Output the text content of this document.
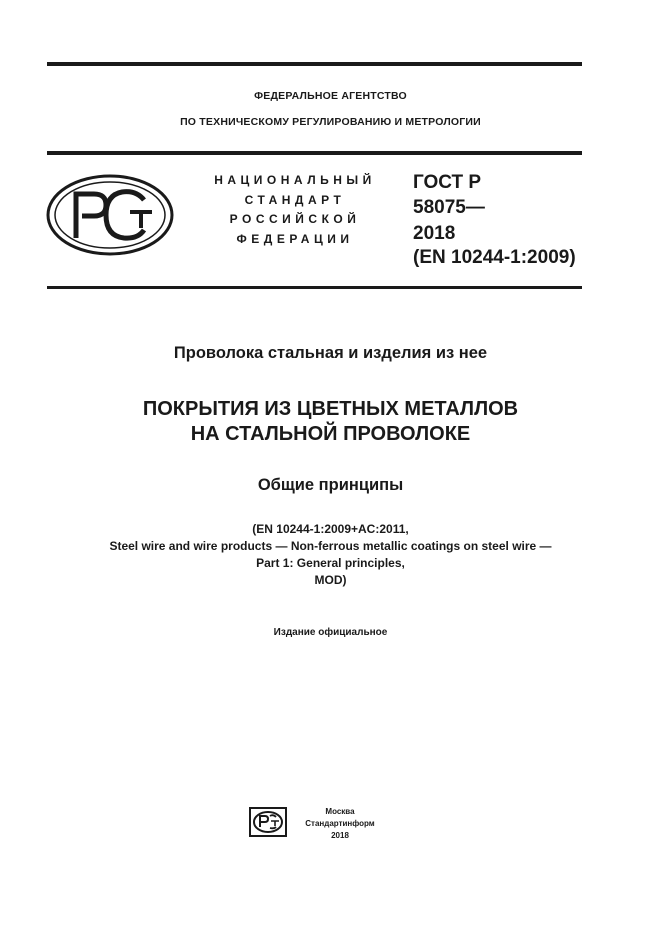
ФЕДЕРАЛЬНОЕ АГЕНТСТВО
ПО ТЕХНИЧЕСКОМУ РЕГУЛИРОВАНИЮ И МЕТРОЛОГИИ
НАЦИОНАЛЬНЫЙ
СТАНДАРТ
РОССИЙСКОЙ
ФЕДЕРАЦИИ
ГОСТ Р
58075—
2018
(EN 10244-1:2009)
Проволока стальная и изделия из нее
ПОКРЫТИЯ ИЗ ЦВЕТНЫХ МЕТАЛЛОВ
НА СТАЛЬНОЙ ПРОВОЛОКЕ
Общие принципы
(EN 10244-1:2009+AC:2011,
Steel wire and wire products — Non-ferrous metallic coatings on steel wire —
Part 1: General principles,
MOD)
Издание официальное
Москва
Стандартинформ
2018
